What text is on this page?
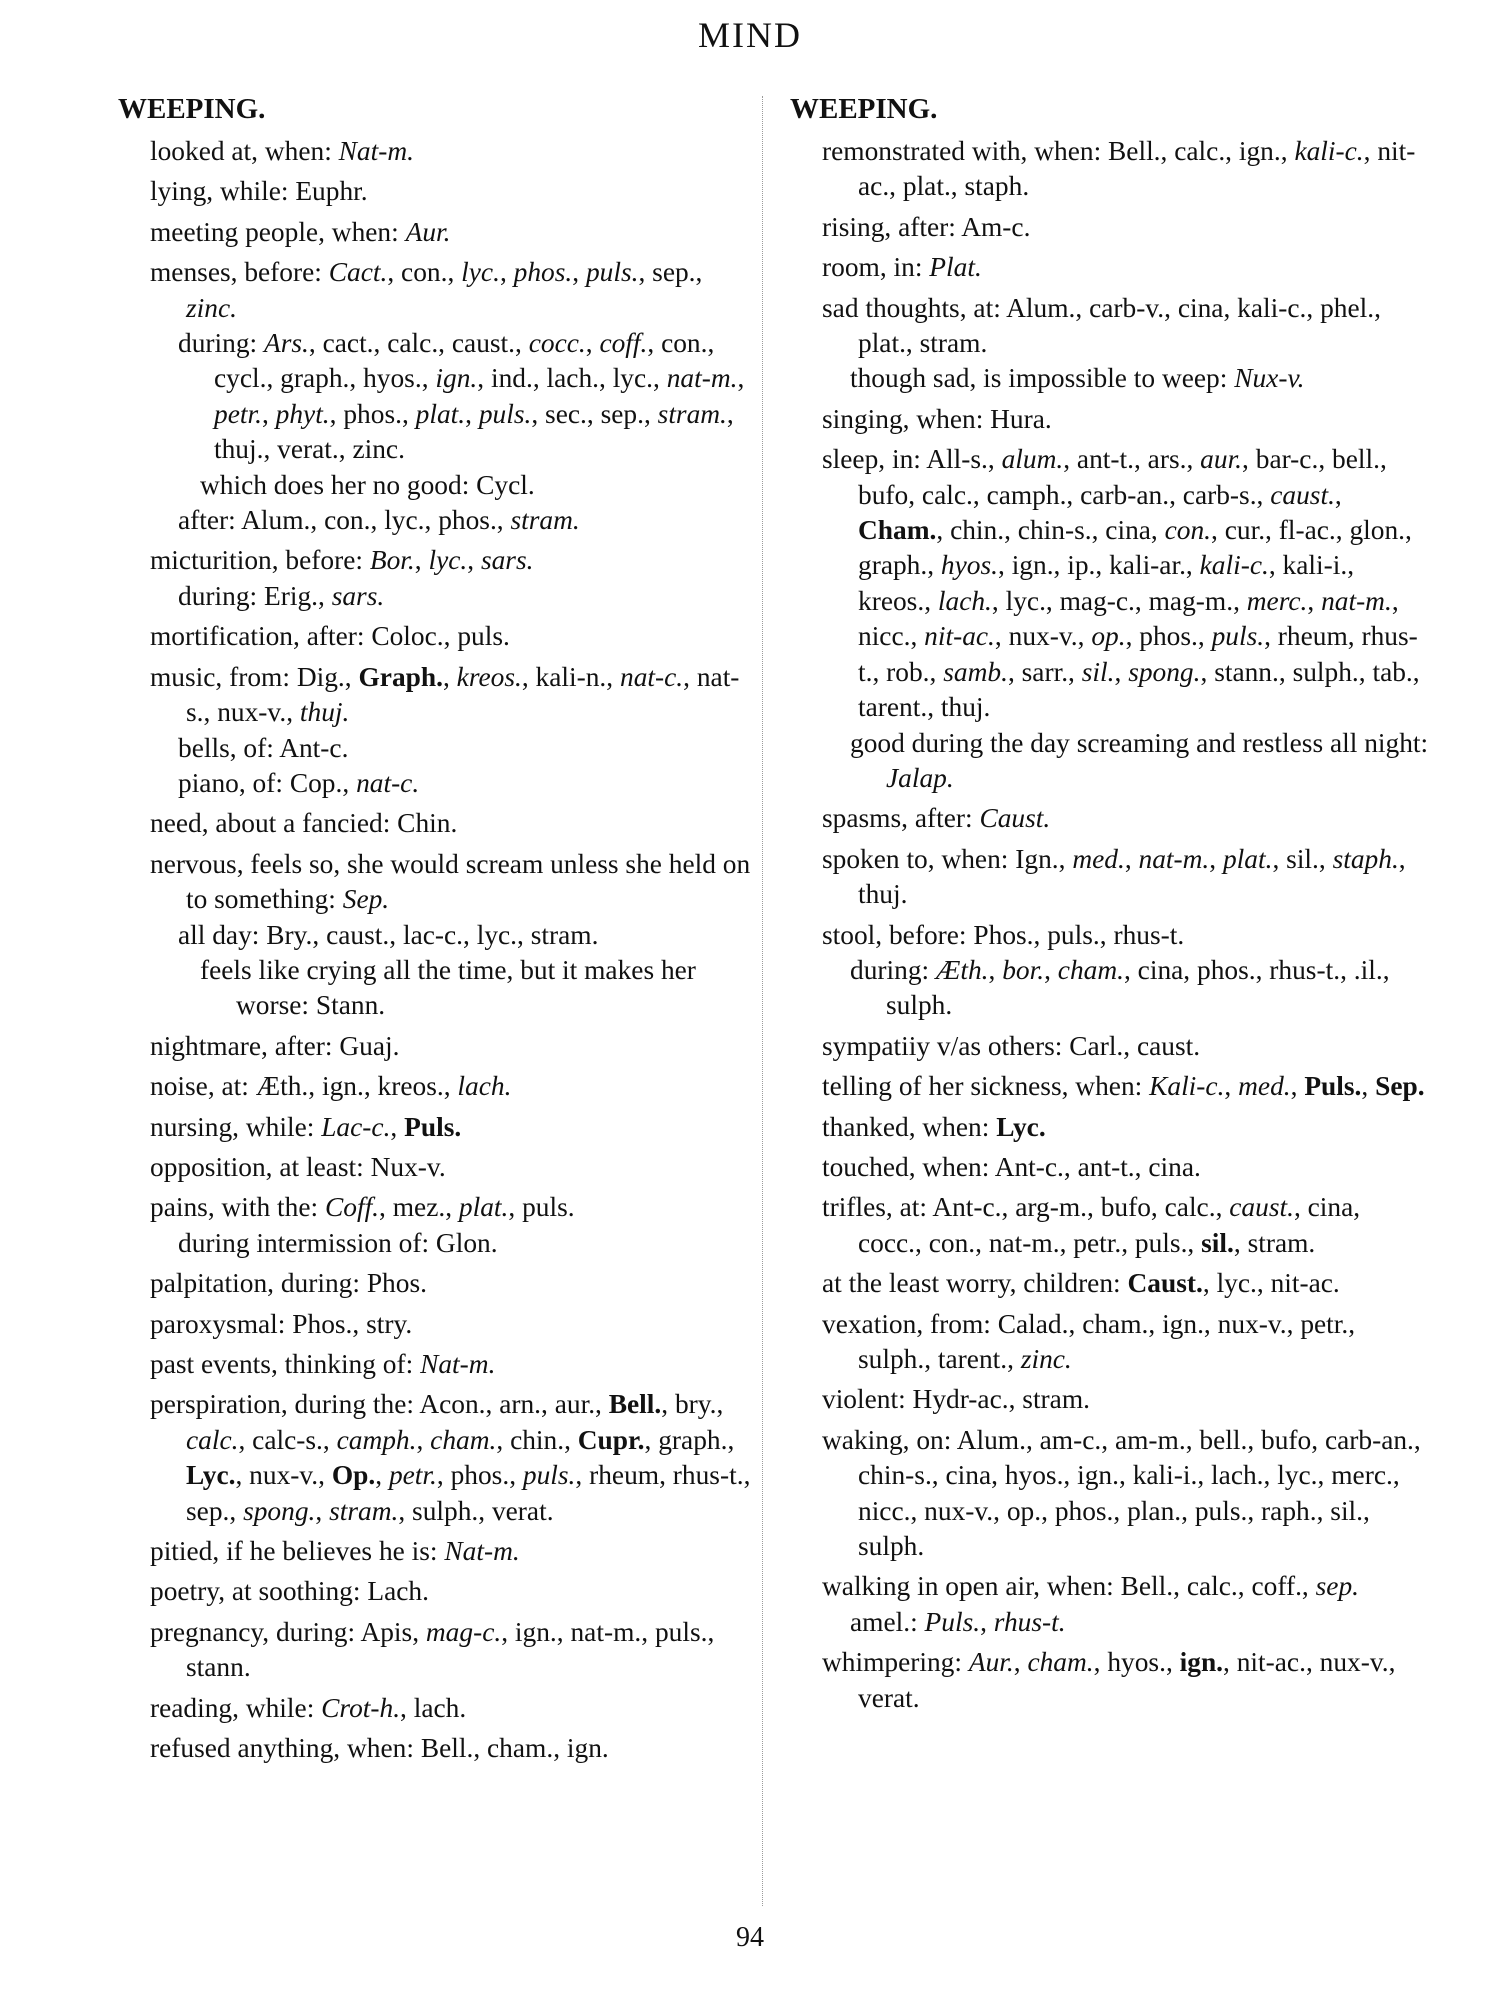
MIND
WEEPING.
looked at, when: Nat-m.
lying, while: Euphr.
meeting people, when: Aur.
menses, before: Cact., con., lyc., phos., puls., sep., zinc.
during: Ars., cact., calc., caust., cocc., coff., con., cycl., graph., hyos., ign., ind., lach., lyc., nat-m., petr., phyt., phos., plat., puls., sec., sep., stram., thuj., verat., zinc.
which does her no good: Cycl.
after: Alum., con., lyc., phos., stram.
micturition, before: Bor., lyc., sars.
during: Erig., sars.
mortification, after: Coloc., puls.
music, from: Dig., Graph., kreos., kali-n., nat-c., nat-s., nux-v., thuj.
bells, of: Ant-c.
piano, of: Cop., nat-c.
need, about a fancied: Chin.
nervous, feels so, she would scream unless she held on to something: Sep.
all day: Bry., caust., lac-c., lyc., stram.
feels like crying all the time, but it makes her worse: Stann.
nightmare, after: Guaj.
noise, at: Æth., ign., kreos., lach.
nursing, while: Lac-c., Puls.
opposition, at least: Nux-v.
pains, with the: Coff., mez., plat., puls.
during intermission of: Glon.
palpitation, during: Phos.
paroxysmal: Phos., stry.
past events, thinking of: Nat-m.
perspiration, during the: Acon., arn., aur., Bell., bry., calc., calc-s., camph., cham., chin., Cupr., graph., Lyc., nux-v., Op., petr., phos., puls., rheum, rhus-t., sep., spong., stram., sulph., verat.
pitied, if he believes he is: Nat-m.
poetry, at soothing: Lach.
pregnancy, during: Apis, mag-c., ign., nat-m., puls., stann.
reading, while: Crot-h., lach.
refused anything, when: Bell., cham., ign.
WEEPING.
remonstrated with, when: Bell., calc., ign., kali-c., nit-ac., plat., staph.
rising, after: Am-c.
room, in: Plat.
sad thoughts, at: Alum., carb-v., cina, kali-c., phel., plat., stram.
though sad, is impossible to weep: Nux-v.
singing, when: Hura.
sleep, in: All-s., alum., ant-t., ars., aur., bar-c., bell., bufo, calc., camph., carb-an., carb-s., caust., Cham., chin., chin-s., cina, con., cur., fl-ac., glon., graph., hyos., ign., ip., kali-ar., kali-c., kali-i., kreos., lach., lyc., mag-c., mag-m., merc., nat-m., nicc., nit-ac., nux-v., op., phos., puls., rheum, rhus-t., rob., samb., sarr., sil., spong., stann., sulph., tab., tarent., thuj.
good during the day screaming and restless all night: Jalap.
spasms, after: Caust.
spoken to, when: Ign., med., nat-m., plat., sil., staph., thuj.
stool, before: Phos., puls., rhus-t.
during: Æth., bor., cham., cina, phos., rhus-t., .il., sulph.
sympatiiy v/as others: Carl., caust.
telling of her sickness, when: Kali-c., med., Puls., Sep.
thanked, when: Lyc.
touched, when: Ant-c., ant-t., cina.
trifles, at: Ant-c., arg-m., bufo, calc., caust., cina, cocc., con., nat-m., petr., puls., sil., stram.
at the least worry, children: Caust., lyc., nit-ac.
vexation, from: Calad., cham., ign., nux-v., petr., sulph., tarent., zinc.
violent: Hydr-ac., stram.
waking, on: Alum., am-c., am-m., bell., bufo, carb-an., chin-s., cina, hyos., ign., kali-i., lach., lyc., merc., nicc., nux-v., op., phos., plan., puls., raph., sil., sulph.
walking in open air, when: Bell., calc., coff., sep.
amel.: Puls., rhus-t.
whimpering: Aur., cham., hyos., ign., nit-ac., nux-v., verat.
94
